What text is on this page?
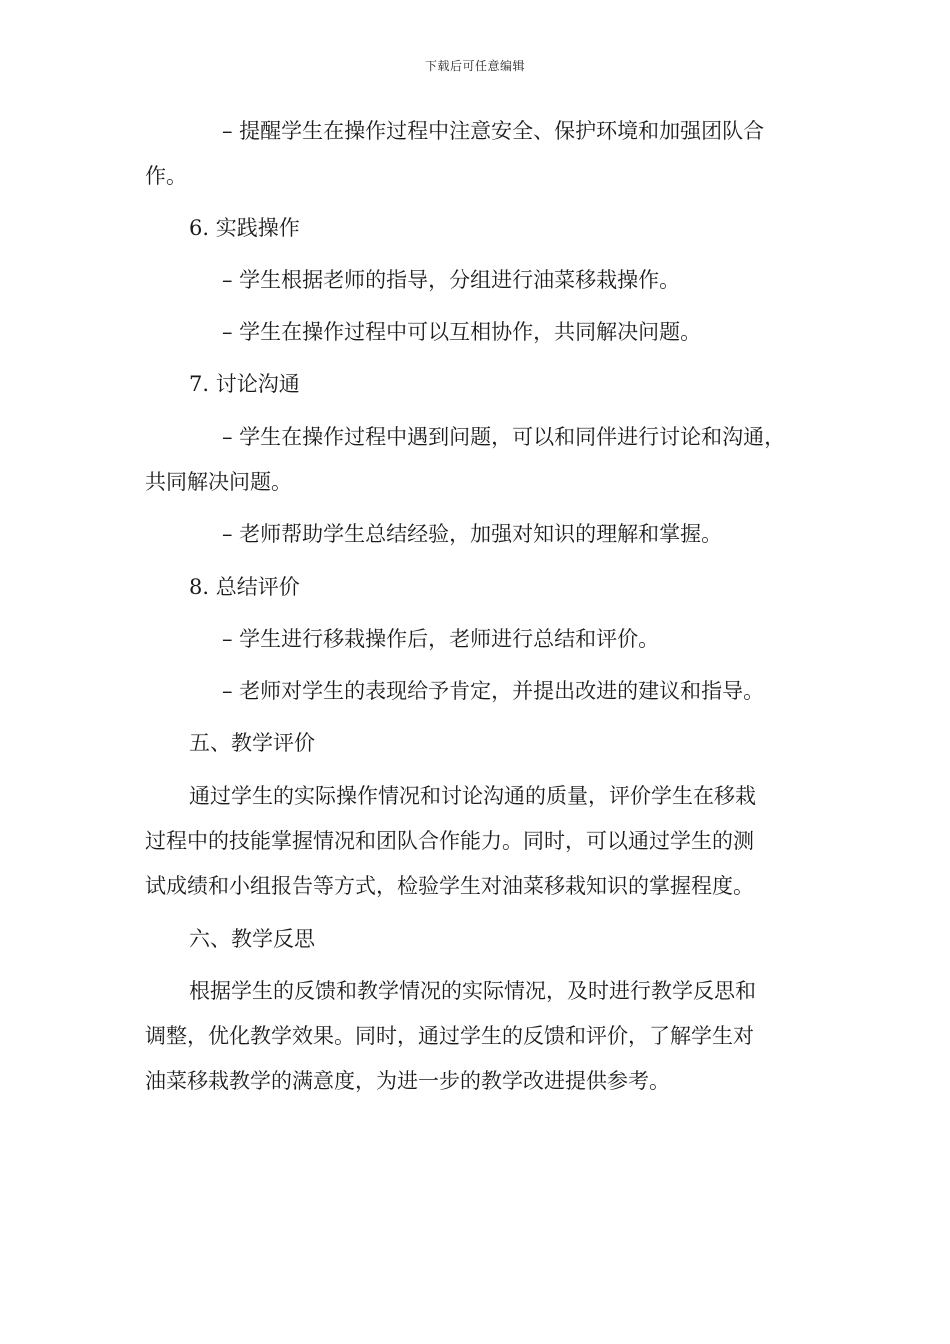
下载后可任意编辑
– 提醒学生在操作过程中注意安全、保护环境和加强团队合
作。
6. 实践操作
– 学生根据老师的指导，分组进行油菜移栽操作。
– 学生在操作过程中可以互相协作，共同解决问题。
7. 讨论沟通
– 学生在操作过程中遇到问题，可以和同伴进行讨论和沟通，
共同解决问题。
– 老师帮助学生总结经验，加强对知识的理解和掌握。
8. 总结评价
– 学生进行移栽操作后，老师进行总结和评价。
– 老师对学生的表现给予肯定，并提出改进的建议和指导。
五、教学评价
通过学生的实际操作情况和讨论沟通的质量，评价学生在移栽
过程中的技能掌握情况和团队合作能力。同时，可以通过学生的测
试成绩和小组报告等方式，检验学生对油菜移栽知识的掌握程度。
六、教学反思
根据学生的反馈和教学情况的实际情况，及时进行教学反思和
调整，优化教学效果。同时，通过学生的反馈和评价，了解学生对
油菜移栽教学的满意度，为进一步的教学改进提供参考。
